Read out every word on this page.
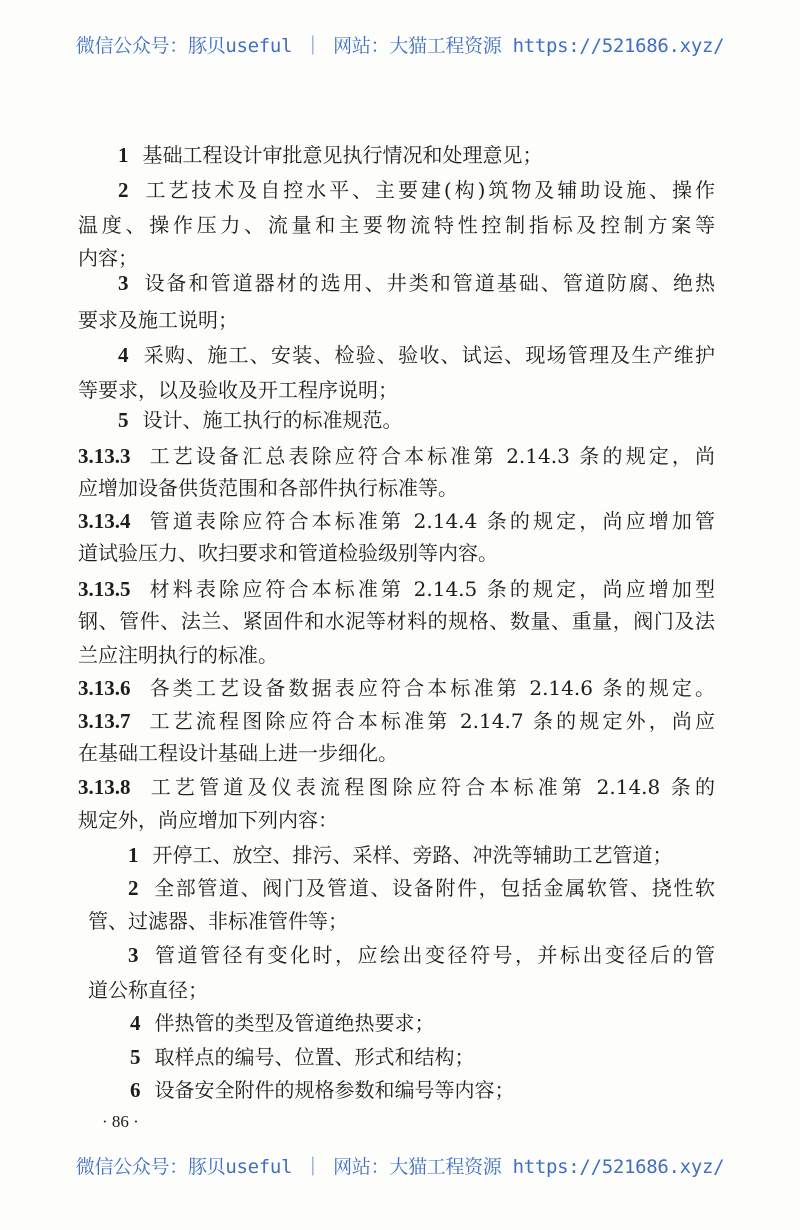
微信公众号：豚贝useful ｜ 网站：大猫工程资源 https://521686.xyz/
1 基础工程设计审批意见执行情况和处理意见；
2 工艺技术及自控水平、主要建(构)筑物及辅助设施、操作
温度、操作压力、流量和主要物流特性控制指标及控制方案等
内容；
3 设备和管道器材的选用、井类和管道基础、管道防腐、绝热
要求及施工说明；
4 采购、施工、安装、检验、验收、试运、现场管理及生产维护
等要求，以及验收及开工程序说明；
5 设计、施工执行的标准规范。
3.13.3 工艺设备汇总表除应符合本标准第 2.14.3 条的规定，尚
应增加设备供货范围和各部件执行标准等。
3.13.4 管道表除应符合本标准第 2.14.4 条的规定，尚应增加管
道试验压力、吹扫要求和管道检验级别等内容。
3.13.5 材料表除应符合本标准第 2.14.5 条的规定，尚应增加型
钢、管件、法兰、紧固件和水泥等材料的规格、数量、重量，阀门及法
兰应注明执行的标准。
3.13.6 各类工艺设备数据表应符合本标准第 2.14.6 条的规定。
3.13.7 工艺流程图除应符合本标准第 2.14.7 条的规定外，尚应
在基础工程设计基础上进一步细化。
3.13.8 工艺管道及仪表流程图除应符合本标准第 2.14.8 条的
规定外，尚应增加下列内容：
1 开停工、放空、排污、采样、旁路、冲洗等辅助工艺管道；
2 全部管道、阀门及管道、设备附件，包括金属软管、挠性软
管、过滤器、非标准管件等；
3 管道管径有变化时，应绘出变径符号，并标出变径后的管
道公称直径；
4 伴热管的类型及管道绝热要求；
5 取样点的编号、位置、形式和结构；
6 设备安全附件的规格参数和编号等内容；
· 86 ·
微信公众号：豚贝useful ｜ 网站：大猫工程资源 https://521686.xyz/
